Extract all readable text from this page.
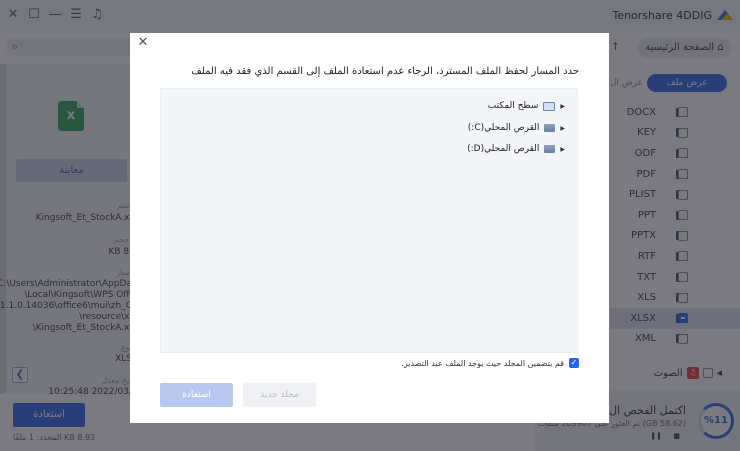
✕
حدد المسار لحفظ الملف المسترد، الرجاء عدم استعادة الملف إلى القسم الذي فقد فيه الملف
▶
سطح المكتب
▶
القرص المحلي(C:)
▶
القرص المحلي(D:)
✓
قم بتضمين المجلد حيث يوجد الملف عند التصدير.
استعادة	مجلد جديد
